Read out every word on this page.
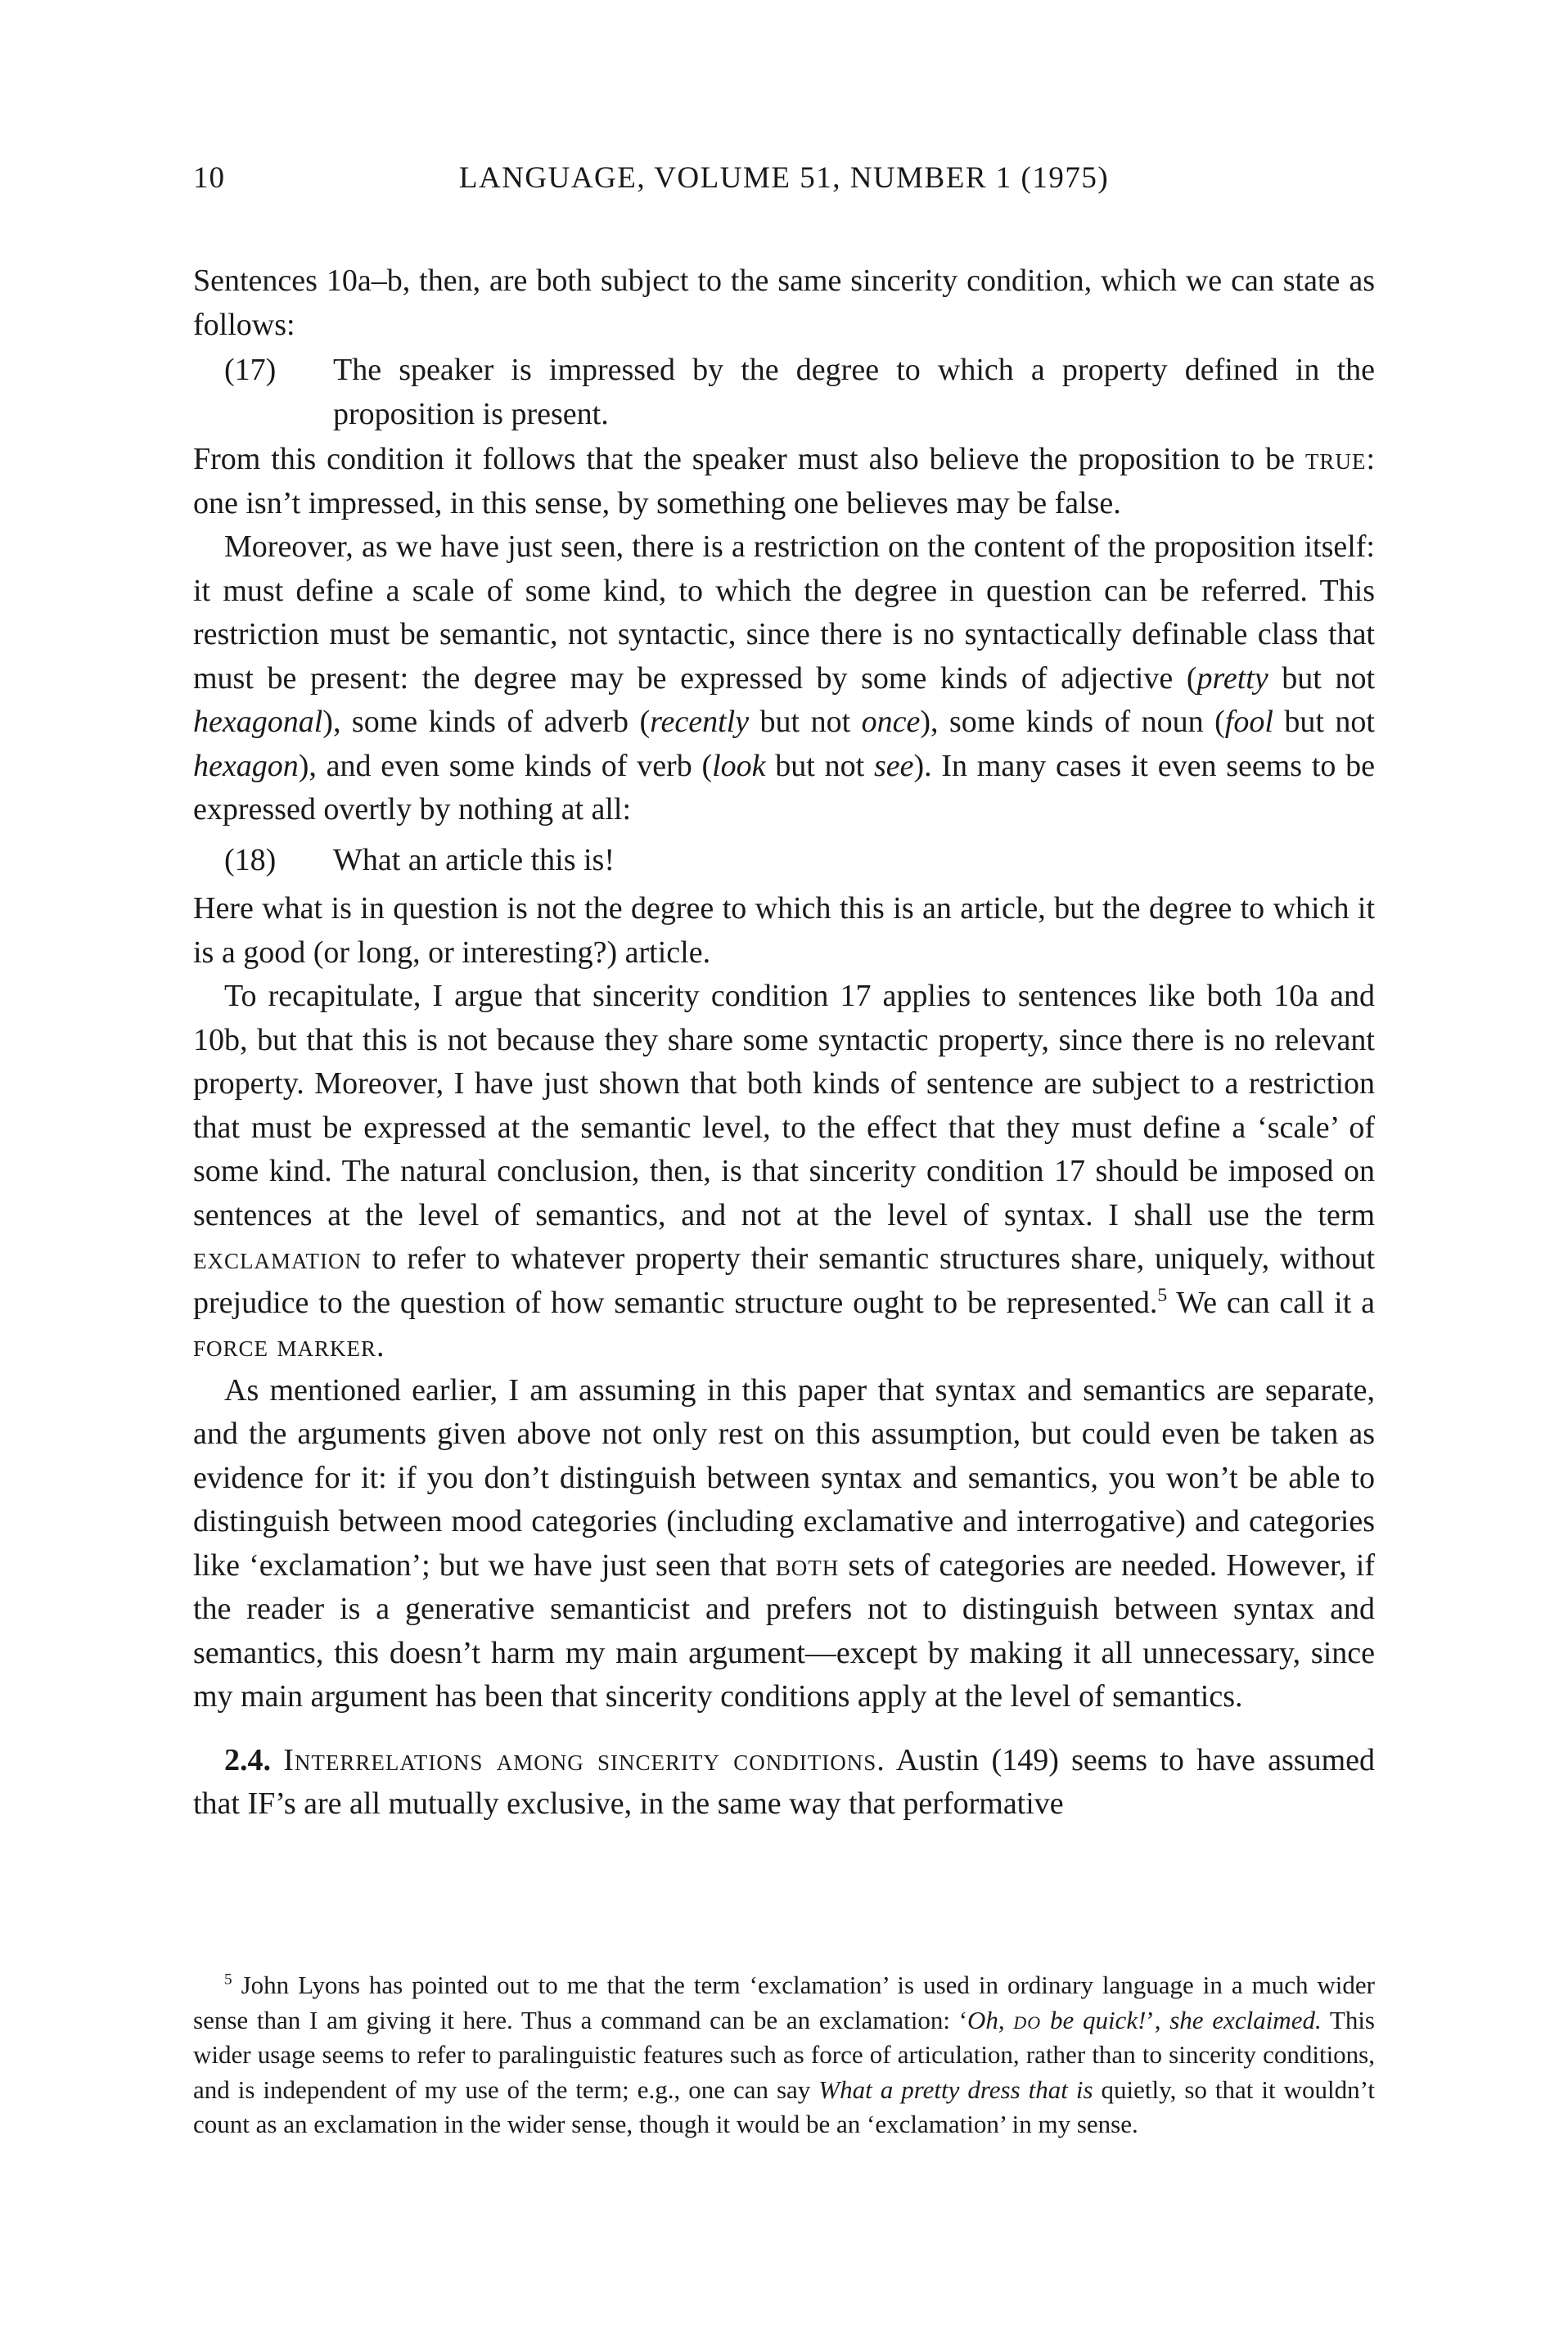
10	LANGUAGE, VOLUME 51, NUMBER 1 (1975)

Sentences 10a–b, then, are both subject to the same sincerity condition, which we can state as follows:

(17) The speaker is impressed by the degree to which a property defined in the proposition is present.

From this condition it follows that the speaker must also believe the proposition to be true: one isn’t impressed, in this sense, by something one believes may be false.

Moreover, as we have just seen, there is a restriction on the content of the proposition itself: it must define a scale of some kind, to which the degree in question can be referred. This restriction must be semantic, not syntactic, since there is no syntactically definable class that must be present: the degree may be expressed by some kinds of adjective (pretty but not hexagonal), some kinds of adverb (recently but not once), some kinds of noun (fool but not hexagon), and even some kinds of verb (look but not see). In many cases it even seems to be expressed overtly by nothing at all:

(18) What an article this is!

Here what is in question is not the degree to which this is an article, but the degree to which it is a good (or long, or interesting?) article.

To recapitulate, I argue that sincerity condition 17 applies to sentences like both 10a and 10b, but that this is not because they share some syntactic property, since there is no relevant property. Moreover, I have just shown that both kinds of sentence are subject to a restriction that must be expressed at the semantic level, to the effect that they must define a ‘scale’ of some kind. The natural conclusion, then, is that sincerity condition 17 should be imposed on sentences at the level of semantics, and not at the level of syntax. I shall use the term exclamation to refer to whatever property their semantic structures share, uniquely, without prejudice to the question of how semantic structure ought to be represented.$^5$ We can call it a force marker.

As mentioned earlier, I am assuming in this paper that syntax and semantics are separate, and the arguments given above not only rest on this assumption, but could even be taken as evidence for it: if you don’t distinguish between syntax and semantics, you won’t be able to distinguish between mood categories (including exclamative and interrogative) and categories like ‘exclamation’; but we have just seen that both sets of categories are needed. However, if the reader is a generative semanticist and prefers not to distinguish between syntax and semantics, this doesn’t harm my main argument—except by making it all unnecessary, since my main argument has been that sincerity conditions apply at the level of semantics.

2.4. Interrelations among sincerity conditions. Austin (149) seems to have assumed that IF’s are all mutually exclusive, in the same way that performative

$^5$ John Lyons has pointed out to me that the term ‘exclamation’ is used in ordinary language in a much wider sense than I am giving it here. Thus a command can be an exclamation: ‘Oh, do be quick!’, she exclaimed. This wider usage seems to refer to paralinguistic features such as force of articulation, rather than to sincerity conditions, and is independent of my use of the term; e.g., one can say What a pretty dress that is quietly, so that it wouldn’t count as an exclamation in the wider sense, though it would be an ‘exclamation’ in my sense.
